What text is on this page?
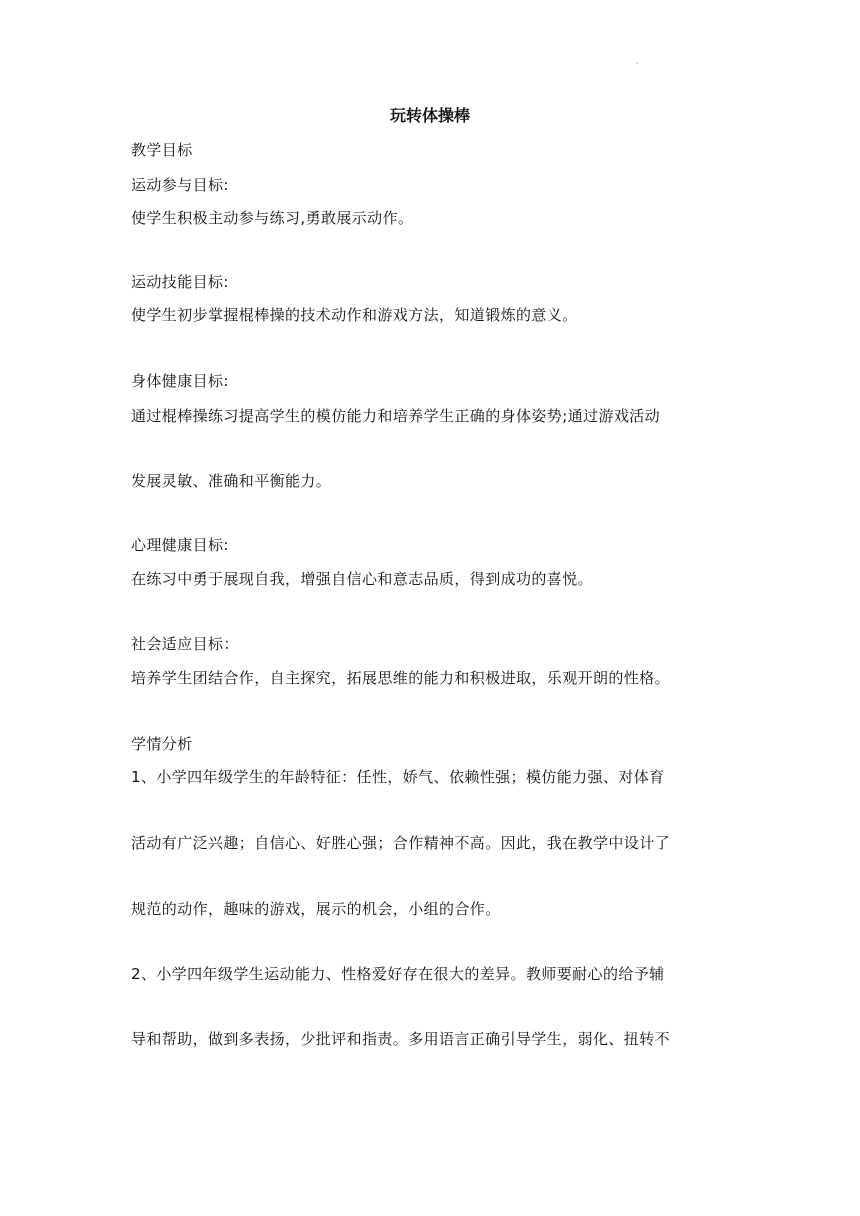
·
玩转体操棒
教学目标
运动参与目标:
使学生积极主动参与练习,勇敢展示动作。
运动技能目标:
使学生初步掌握棍棒操的技术动作和游戏方法，知道锻炼的意义。
身体健康目标:
通过棍棒操练习提高学生的模仿能力和培养学生正确的身体姿势;通过游戏活动
发展灵敏、准确和平衡能力。
心理健康目标:
在练习中勇于展现自我，增强自信心和意志品质，得到成功的喜悦。
社会适应目标：
培养学生团结合作，自主探究，拓展思维的能力和积极进取，乐观开朗的性格。
学情分析
1、小学四年级学生的年龄特征：任性，娇气、依赖性强；模仿能力强、对体育
活动有广泛兴趣；自信心、好胜心强；合作精神不高。因此，我在教学中设计了
规范的动作，趣味的游戏，展示的机会，小组的合作。
2、小学四年级学生运动能力、性格爱好存在很大的差异。教师要耐心的给予辅
导和帮助，做到多表扬，少批评和指责。多用语言正确引导学生，弱化、扭转不
